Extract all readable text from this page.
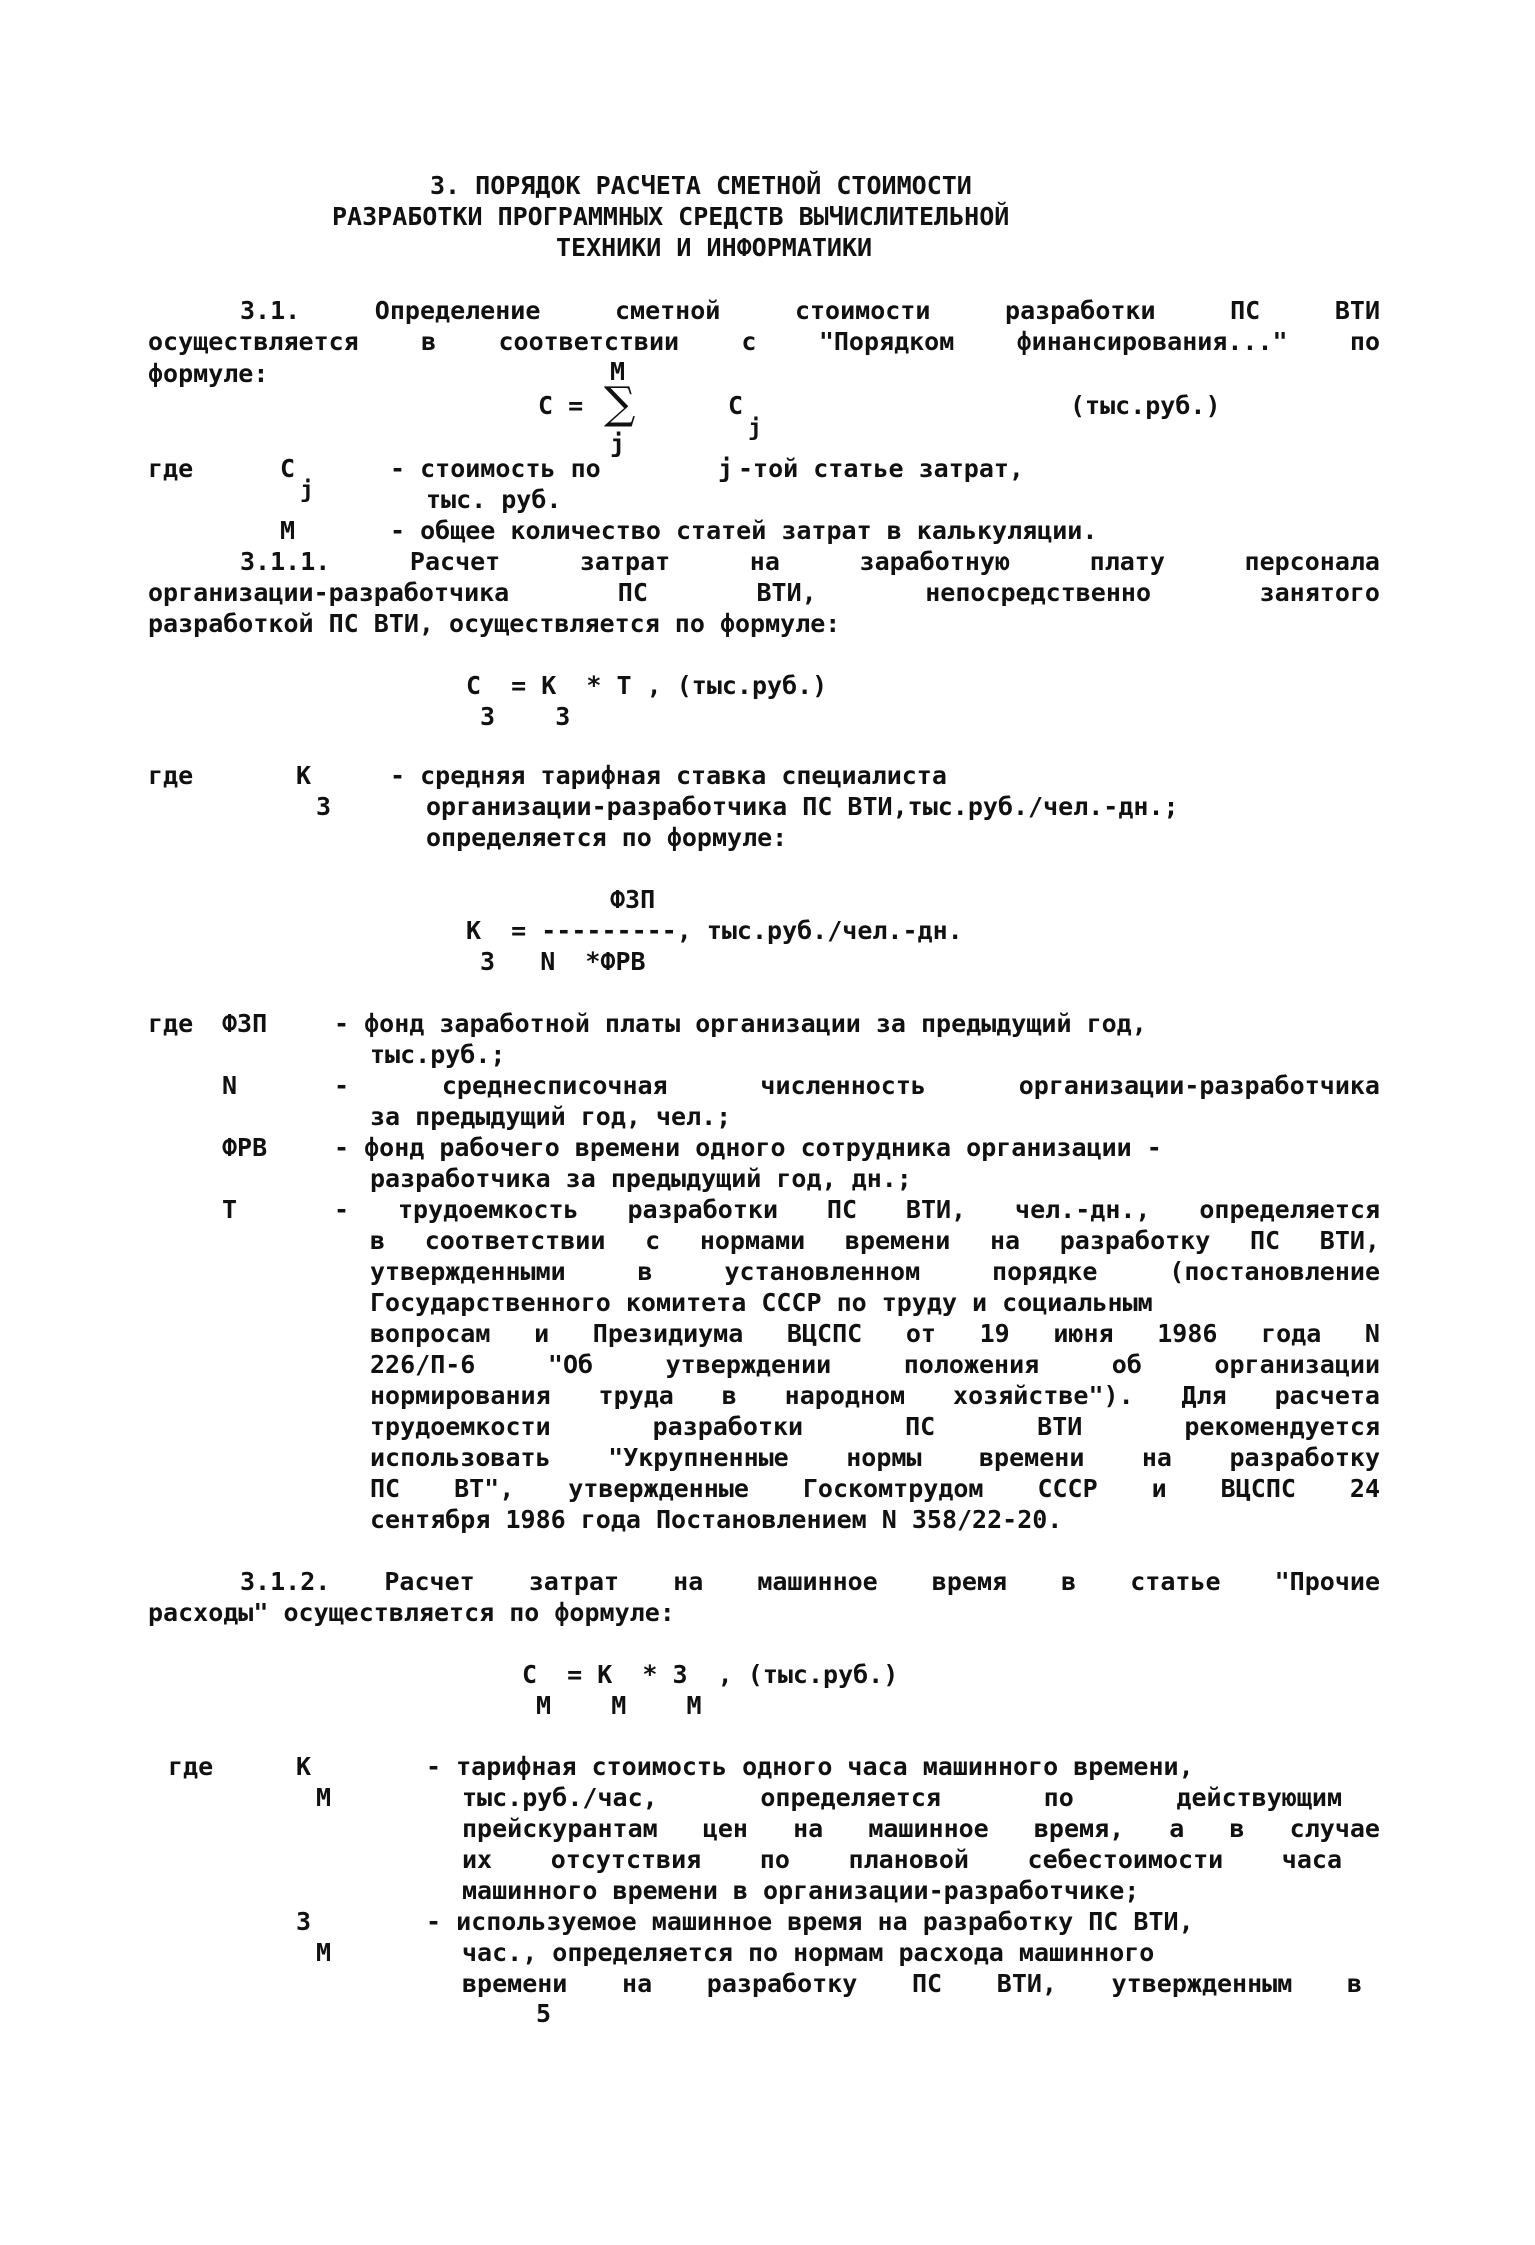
3. ПОРЯДОК РАСЧЕТА СМЕТНОЙ СТОИМОСТИ
РАЗРАБОТКИ ПРОГРАММНЫХ СРЕДСТВ ВЫЧИСЛИТЕЛЬНОЙ
ТЕХНИКИ И ИНФОРМАТИКИ
3.1. Определение сметной стоимости разработки ПС ВТИ
осуществляется в соответствии с "Порядком финансирования..." по
формуле:	M
C = ∑
j
C
j
(тыс.руб.)
где	C
j
- стоимость по	j -той статье затрат,
тыс. руб.
M	- общее количество статей затрат в калькуляции.
3.1.1. Расчет затрат на заработную плату персонала
организации-разработчика ПС ВТИ, непосредственно занятого
разработкой ПС ВТИ, осуществляется по формуле:
C  = K  * T , (тыс.руб.)
З    З
где	K
З
- средняя тарифная ставка специалиста
организации-разработчика ПС ВТИ,тыс.руб./чел.-дн.;
определяется по формуле:
ФЗП
K  = ---------, тыс.руб./чел.-дн.
З   N  *ФРВ
где ФЗП	- фонд заработной платы организации за предыдущий год,
тыс.руб.;
N	- среднесписочная численность организации-разработчика
за предыдущий год, чел.;
ФРВ	- фонд рабочего времени одного сотрудника организации -
разработчика за предыдущий год, дн.;
T	- трудоемкость разработки ПС ВТИ, чел.-дн., определяется
в соответствии с нормами времени на разработку ПС ВТИ,
утвержденными в установленном порядке (постановление
Государственного комитета СССР по труду и социальным
вопросам и Президиума ВЦСПС от 19 июня 1986 года N
226/П-6 "Об утверждении положения об организации
нормирования труда в народном хозяйстве"). Для расчета
трудоемкости разработки ПС ВТИ рекомендуется
использовать "Укрупненные нормы времени на разработку
ПС ВТ", утвержденные Госкомтрудом СССР и ВЦСПС 24
сентября 1986 года Постановлением N 358/22-20.
3.1.2. Расчет затрат на машинное время в статье "Прочие
расходы" осуществляется по формуле:
C  = K  * З  , (тыс.руб.)
M    M    M
где	K
M
- тарифная стоимость одного часа машинного времени,
тыс.руб./час, определяется по действующим
прейскурантам цен на машинное время, а в случае
их отсутствия по плановой себестоимости часа
машинного времени в организации-разработчике;
З
M
- используемое машинное время на разработку ПС ВТИ,
час., определяется по нормам расхода машинного
времени на разработку ПС ВТИ, утвержденным в
5
